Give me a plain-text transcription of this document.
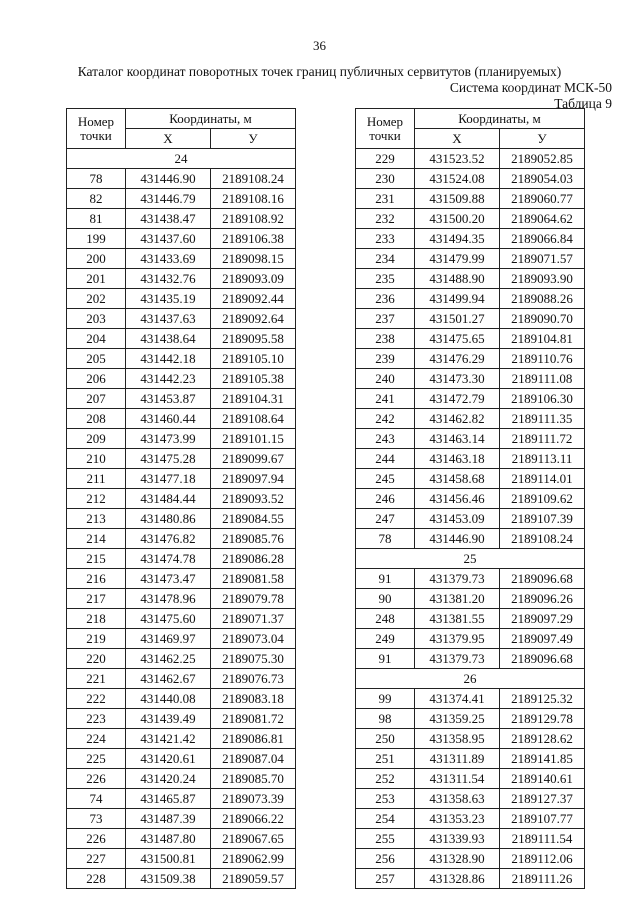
36
Каталог координат поворотных точек границ публичных сервитутов (планируемых)
Система координат МСК-50
Таблица 9
Номер точки	Координаты, м	
	X	У
24		
78	431446.90	2189108.24
82	431446.79	2189108.16
81	431438.47	2189108.92
199	431437.60	2189106.38
200	431433.69	2189098.15
201	431432.76	2189093.09
202	431435.19	2189092.44
203	431437.63	2189092.64
204	431438.64	2189095.58
205	431442.18	2189105.10
206	431442.23	2189105.38
207	431453.87	2189104.31
208	431460.44	2189108.64
209	431473.99	2189101.15
210	431475.28	2189099.67
211	431477.18	2189097.94
212	431484.44	2189093.52
213	431480.86	2189084.55
214	431476.82	2189085.76
215	431474.78	2189086.28
216	431473.47	2189081.58
217	431478.96	2189079.78
218	431475.60	2189071.37
219	431469.97	2189073.04
220	431462.25	2189075.30
221	431462.67	2189076.73
222	431440.08	2189083.18
223	431439.49	2189081.72
224	431421.42	2189086.81
225	431420.61	2189087.04
226	431420.24	2189085.70
74	431465.87	2189073.39
73	431487.39	2189066.22
226	431487.80	2189067.65
227	431500.81	2189062.99
228	431509.38	2189059.57
Номер точки	Координаты, м	
	X	У
229	431523.52	2189052.85
230	431524.08	2189054.03
231	431509.88	2189060.77
232	431500.20	2189064.62
233	431494.35	2189066.84
234	431479.99	2189071.57
235	431488.90	2189093.90
236	431499.94	2189088.26
237	431501.27	2189090.70
238	431475.65	2189104.81
239	431476.29	2189110.76
240	431473.30	2189111.08
241	431472.79	2189106.30
242	431462.82	2189111.35
243	431463.14	2189111.72
244	431463.18	2189113.11
245	431458.68	2189114.01
246	431456.46	2189109.62
247	431453.09	2189107.39
78	431446.90	2189108.24
25		
91	431379.73	2189096.68
90	431381.20	2189096.26
248	431381.55	2189097.29
249	431379.95	2189097.49
91	431379.73	2189096.68
26		
99	431374.41	2189125.32
98	431359.25	2189129.78
250	431358.95	2189128.62
251	431311.89	2189141.85
252	431311.54	2189140.61
253	431358.63	2189127.37
254	431353.23	2189107.77
255	431339.93	2189111.54
256	431328.90	2189112.06
257	431328.86	2189111.26
